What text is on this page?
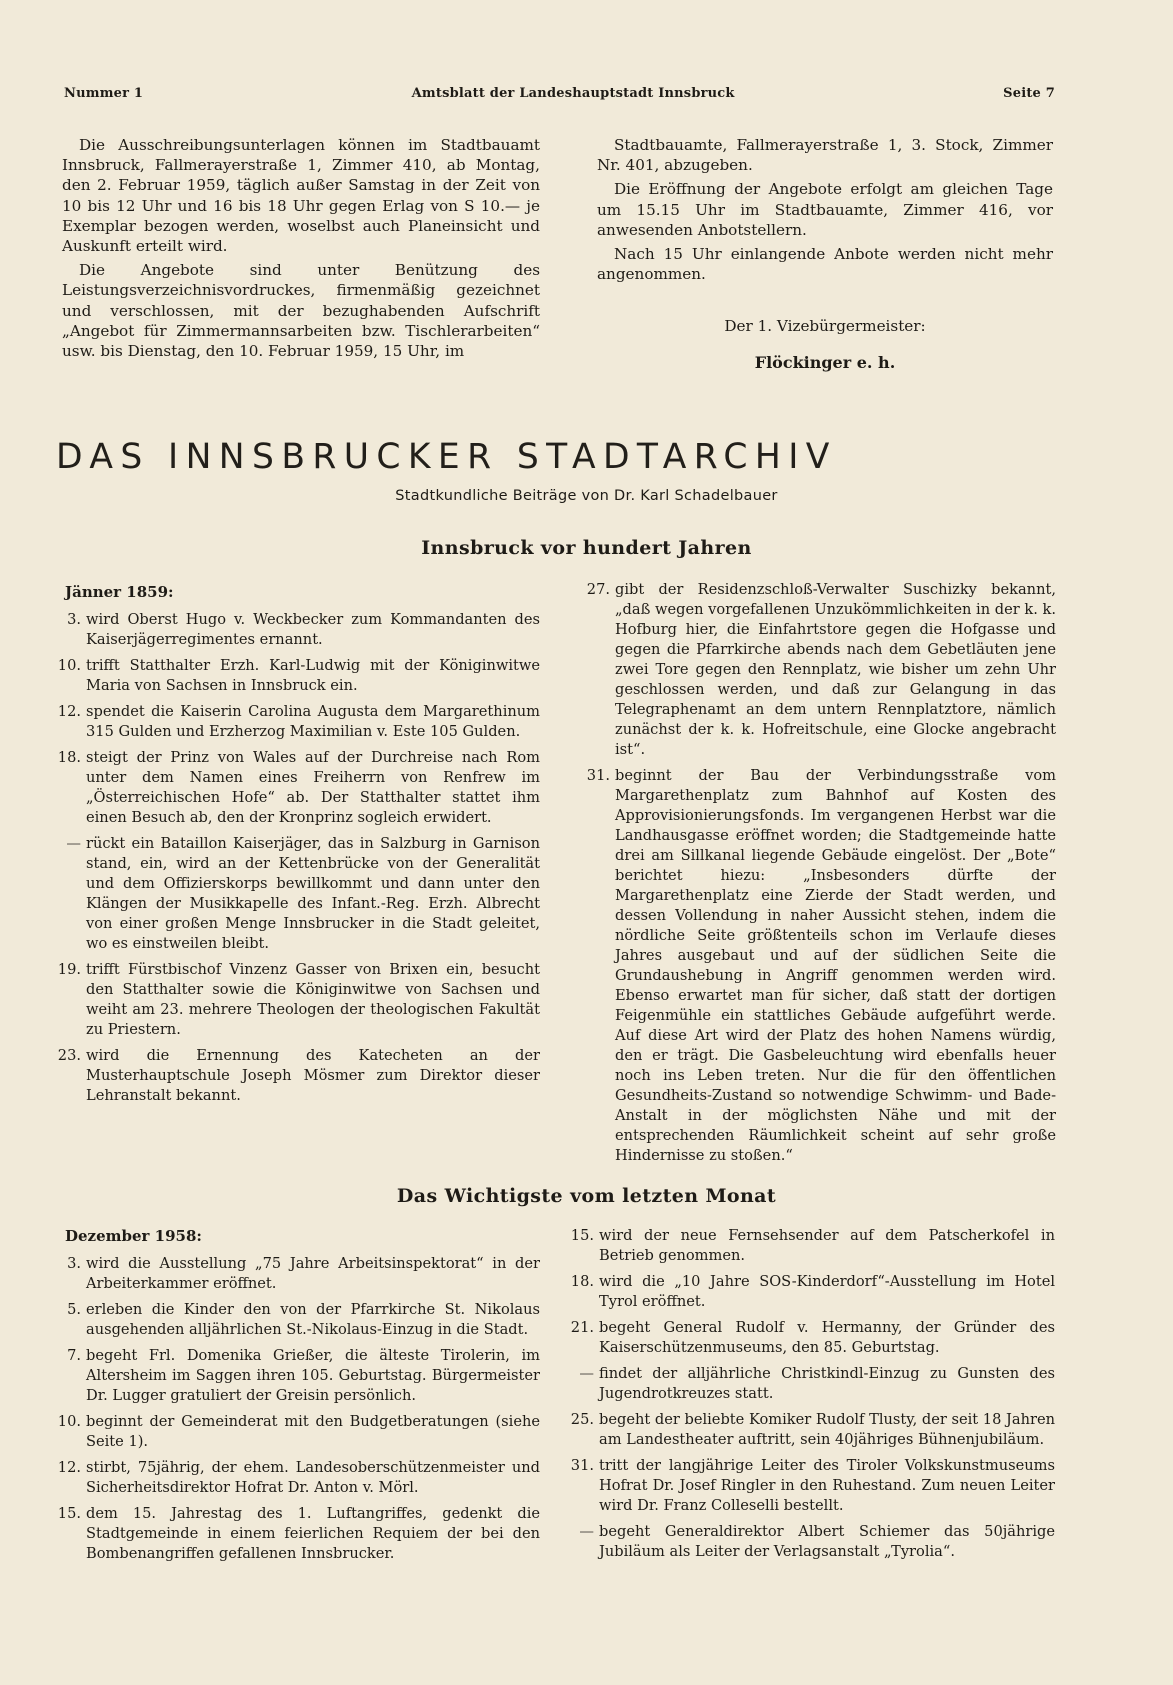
Nummer 1	Amtsblatt der Landeshauptstadt Innsbruck	Seite 7

Die Ausschreibungsunterlagen können im Stadtbauamt Innsbruck, Fallmerayerstraße 1, Zimmer 410, ab Montag, den 2. Februar 1959, täglich außer Samstag in der Zeit von 10 bis 12 Uhr und 16 bis 18 Uhr gegen Erlag von S 10.— je Exemplar bezogen werden, woselbst auch Planeinsicht und Auskunft erteilt wird.

Die Angebote sind unter Benützung des Leistungsverzeichnisvordruckes, firmenmäßig gezeichnet und verschlossen, mit der bezughabenden Aufschrift „Angebot für Zimmermannsarbeiten bzw. Tischlerarbeiten“ usw. bis Dienstag, den 10. Februar 1959, 15 Uhr, im

Stadtbauamte, Fallmerayerstraße 1, 3. Stock, Zimmer Nr. 401, abzugeben.

Die Eröffnung der Angebote erfolgt am gleichen Tage um 15.15 Uhr im Stadtbauamte, Zimmer 416, vor anwesenden Anbotstellern.

Nach 15 Uhr einlangende Anbote werden nicht mehr angenommen.

Der 1. Vizebürgermeister:

Flöckinger e. h.

DAS INNSBRUCKER STADTARCHIV
Stadtkundliche Beiträge von Dr. Karl Schadelbauer
Innsbruck vor hundert Jahren
Jänner 1859:
3. wird Oberst Hugo v. Weckbecker zum Kommandanten des Kaiserjägerregimentes ernannt.
10. trifft Statthalter Erzh. Karl-Ludwig mit der Königinwitwe Maria von Sachsen in Innsbruck ein.
12. spendet die Kaiserin Carolina Augusta dem Margarethinum 315 Gulden und Erzherzog Maximilian v. Este 105 Gulden.
18. steigt der Prinz von Wales auf der Durchreise nach Rom unter dem Namen eines Freiherrn von Renfrew im „Österreichischen Hofe“ ab. Der Statthalter stattet ihm einen Besuch ab, den der Kronprinz sogleich erwidert.
— rückt ein Bataillon Kaiserjäger, das in Salzburg in Garnison stand, ein, wird an der Kettenbrücke von der Generalität und dem Offizierskorps bewillkommt und dann unter den Klängen der Musikkapelle des Infant.-Reg. Erzh. Albrecht von einer großen Menge Innsbrucker in die Stadt geleitet, wo es einstweilen bleibt.
19. trifft Fürstbischof Vinzenz Gasser von Brixen ein, besucht den Statthalter sowie die Königinwitwe von Sachsen und weiht am 23. mehrere Theologen der theologischen Fakultät zu Priestern.
23. wird die Ernennung des Katecheten an der Musterhauptschule Joseph Mösmer zum Direktor dieser Lehranstalt bekannt.
27. gibt der Residenzschloß-Verwalter Suschizky bekannt, „daß wegen vorgefallenen Unzukömmlichkeiten in der k. k. Hofburg hier, die Einfahrtstore gegen die Hofgasse und gegen die Pfarrkirche abends nach dem Gebetläuten jene zwei Tore gegen den Rennplatz, wie bisher um zehn Uhr geschlossen werden, und daß zur Gelangung in das Telegraphenamt an dem untern Rennplatztore, nämlich zunächst der k. k. Hofreitschule, eine Glocke angebracht ist“.
31. beginnt der Bau der Verbindungsstraße vom Margarethenplatz zum Bahnhof auf Kosten des Approvisionierungsfonds. Im vergangenen Herbst war die Landhausgasse eröffnet worden; die Stadtgemeinde hatte drei am Sillkanal liegende Gebäude eingelöst. Der „Bote“ berichtet hiezu: „Insbesonders dürfte der Margarethenplatz eine Zierde der Stadt werden, und dessen Vollendung in naher Aussicht stehen, indem die nördliche Seite größtenteils schon im Verlaufe dieses Jahres ausgebaut und auf der südlichen Seite die Grundaushebung in Angriff genommen werden wird. Ebenso erwartet man für sicher, daß statt der dortigen Feigenmühle ein stattliches Gebäude aufgeführt werde. Auf diese Art wird der Platz des hohen Namens würdig, den er trägt. Die Gasbeleuchtung wird ebenfalls heuer noch ins Leben treten. Nur die für den öffentlichen Gesundheits-Zustand so notwendige Schwimm- und Bade-Anstalt in der möglichsten Nähe und mit der entsprechenden Räumlichkeit scheint auf sehr große Hindernisse zu stoßen.“
Das Wichtigste vom letzten Monat
Dezember 1958:
3. wird die Ausstellung „75 Jahre Arbeitsinspektorat“ in der Arbeiterkammer eröffnet.
5. erleben die Kinder den von der Pfarrkirche St. Nikolaus ausgehenden alljährlichen St.-Nikolaus-Einzug in die Stadt.
7. begeht Frl. Domenika Grießer, die älteste Tirolerin, im Altersheim im Saggen ihren 105. Geburtstag. Bürgermeister Dr. Lugger gratuliert der Greisin persönlich.
10. beginnt der Gemeinderat mit den Budgetberatungen (siehe Seite 1).
12. stirbt, 75jährig, der ehem. Landesoberschützenmeister und Sicherheitsdirektor Hofrat Dr. Anton v. Mörl.
15. dem 15. Jahrestag des 1. Luftangriffes, gedenkt die Stadtgemeinde in einem feierlichen Requiem der bei den Bombenangriffen gefallenen Innsbrucker.
15. wird der neue Fernsehsender auf dem Patscherkofel in Betrieb genommen.
18. wird die „10 Jahre SOS-Kinderdorf“-Ausstellung im Hotel Tyrol eröffnet.
21. begeht General Rudolf v. Hermanny, der Gründer des Kaiserschützenmuseums, den 85. Geburtstag.
— findet der alljährliche Christkindl-Einzug zu Gunsten des Jugendrotkreuzes statt.
25. begeht der beliebte Komiker Rudolf Tlusty, der seit 18 Jahren am Landestheater auftritt, sein 40jähriges Bühnenjubiläum.
31. tritt der langjährige Leiter des Tiroler Volkskunstmuseums Hofrat Dr. Josef Ringler in den Ruhestand. Zum neuen Leiter wird Dr. Franz Colleselli bestellt.
— begeht Generaldirektor Albert Schiemer das 50jährige Jubiläum als Leiter der Verlagsanstalt „Tyrolia“.
